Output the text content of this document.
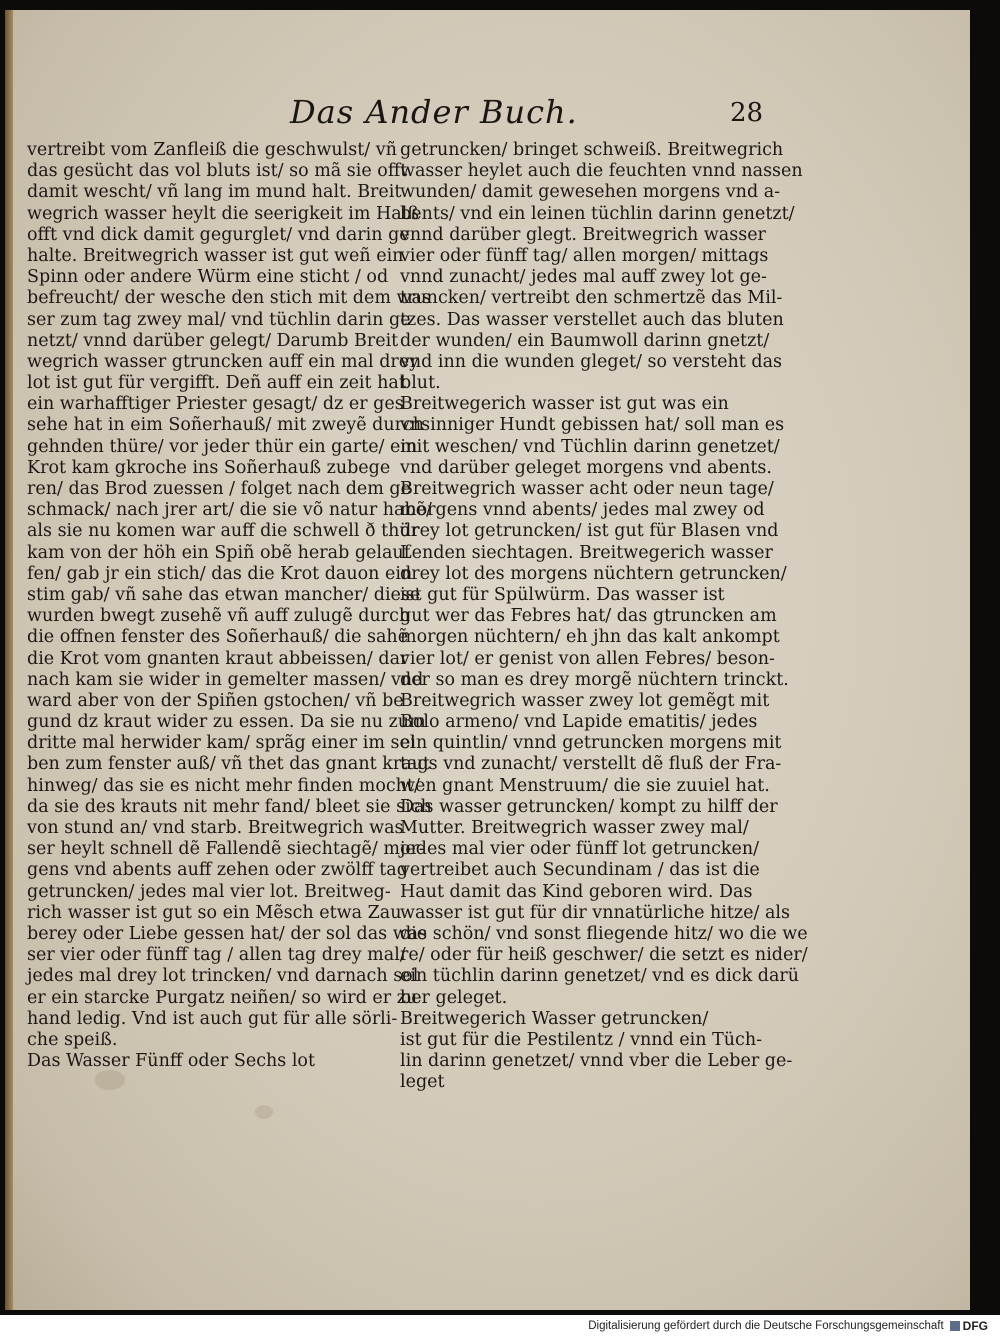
Das Ander Buch.	28
vertreibt vom Zanfleiß die geschwulst/ vñ
das gesücht das vol bluts ist/ so mã sie offt
damit wescht/ vñ lang im mund halt. Breit
wegrich wasser heylt die seerigkeit im Halß
offt vnd dick damit gegurglet/ vnd darin ge
halte. Breitwegrich wasser ist gut weñ ein
Spinn oder andere Würm eine sticht / od
befreucht/ der wesche den stich mit dem was
ser zum tag zwey mal/ vnd tüchlin darin ge
netzt/ vnnd darüber gelegt/ Darumb Breit
wegrich wasser gtruncken auff ein mal drey
lot ist gut für vergifft. Deñ auff ein zeit hat
ein warhafftiger Priester gesagt/ dz er ges
sehe hat in eim Soñerhauß/ mit zweyẽ durch
gehnden thüre/ vor jeder thür ein garte/ ein
Krot kam gkroche ins Soñerhauß zubege
ren/ das Brod zuessen / folget nach dem ge
schmack/ nach jrer art/ die sie võ natur habẽ/
als sie nu komen war auff die schwell ð thür
kam von der höh ein Spiñ obẽ herab gelauf
fen/ gab jr ein stich/ das die Krot dauon ein
stim gab/ vñ sahe das etwan mancher/ diese
wurden bwegt zusehẽ vñ auff zulugẽ durch
die offnen fenster des Soñerhauß/ die sahẽ
die Krot vom gnanten kraut abbeissen/ dar
nach kam sie wider in gemelter massen/ vnd
ward aber von der Spiñen gstochen/ vñ be
gund dz kraut wider zu essen. Da sie nu zum
dritte mal herwider kam/ sprãg einer im sel
ben zum fenster auß/ vñ thet das gnant kraut
hinweg/ das sie es nicht mehr finden mocht/
da sie des krauts nit mehr fand/ bleet sie sich
von stund an/ vnd starb. Breitwegrich was
ser heylt schnell dẽ Fallendẽ siechtagẽ/ mor-
gens vnd abents auff zehen oder zwölff tag
getruncken/ jedes mal vier lot. Breitweg-
rich wasser ist gut so ein Mẽsch etwa Zau
berey oder Liebe gessen hat/ der sol das was
ser vier oder fünff tag / allen tag drey mal/
jedes mal drey lot trincken/ vnd darnach sol
er ein starcke Purgatz neiñen/ so wird er zu
hand ledig. Vnd ist auch gut für alle sörli-
che speiß.
Das Wasser Fünff oder Sechs lot
getruncken/ bringet schweiß. Breitwegrich
wasser heylet auch die feuchten vnnd nassen
wunden/ damit gewesehen morgens vnd a-
bents/ vnd ein leinen tüchlin darinn genetzt/
vnnd darüber glegt. Breitwegrich wasser
vier oder fünff tag/ allen morgen/ mittags
vnnd zunacht/ jedes mal auff zwey lot ge-
truncken/ vertreibt den schmertzẽ das Mil-
tzes. Das wasser verstellet auch das bluten
der wunden/ ein Baumwoll darinn gnetzt/
vnd inn die wunden gleget/ so versteht das
blut.
Breitwegerich wasser ist gut was ein
vnsinniger Hundt gebissen hat/ soll man es
mit weschen/ vnd Tüchlin darinn genetzet/
vnd darüber geleget morgens vnd abents.
Breitwegrich wasser acht oder neun tage/
morgens vnnd abents/ jedes mal zwey od
drey lot getruncken/ ist gut für Blasen vnd
Lenden siechtagen. Breitwegerich wasser
drey lot des morgens nüchtern getruncken/
ist gut für Spülwürm. Das wasser ist
gut wer das Febres hat/ das gtruncken am
morgen nüchtern/ eh jhn das kalt ankompt
vier lot/ er genist von allen Febres/ beson-
der so man es drey morgẽ nüchtern trinckt.
Breitwegrich wasser zwey lot gemẽgt mit
Bolo armeno/ vnd Lapide ematitis/ jedes
ein quintlin/ vnnd getruncken morgens mit
tags vnd zunacht/ verstellt dẽ fluß der Fra-
wen gnant Menstruum/ die sie zuuiel hat.
Das wasser getruncken/ kompt zu hilff der
Mutter. Breitwegrich wasser zwey mal/
jedes mal vier oder fünff lot getruncken/
vertreibet auch Secundinam / das ist die
Haut damit das Kind geboren wird. Das
wasser ist gut für dir vnnatürliche hitze/ als
die schön/ vnd sonst fliegende hitz/ wo die we
re/ oder für heiß geschwer/ die setzt es nider/
ein tüchlin darinn genetzet/ vnd es dick darü
ber geleget.
Breitwegerich Wasser getruncken/
ist gut für die Pestilentz / vnnd ein Tüch-
lin darinn genetzet/ vnnd vber die Leber ge-
leget
Digitalisierung gefördert durch die Deutsche Forschungsgemeinschaft DFG
